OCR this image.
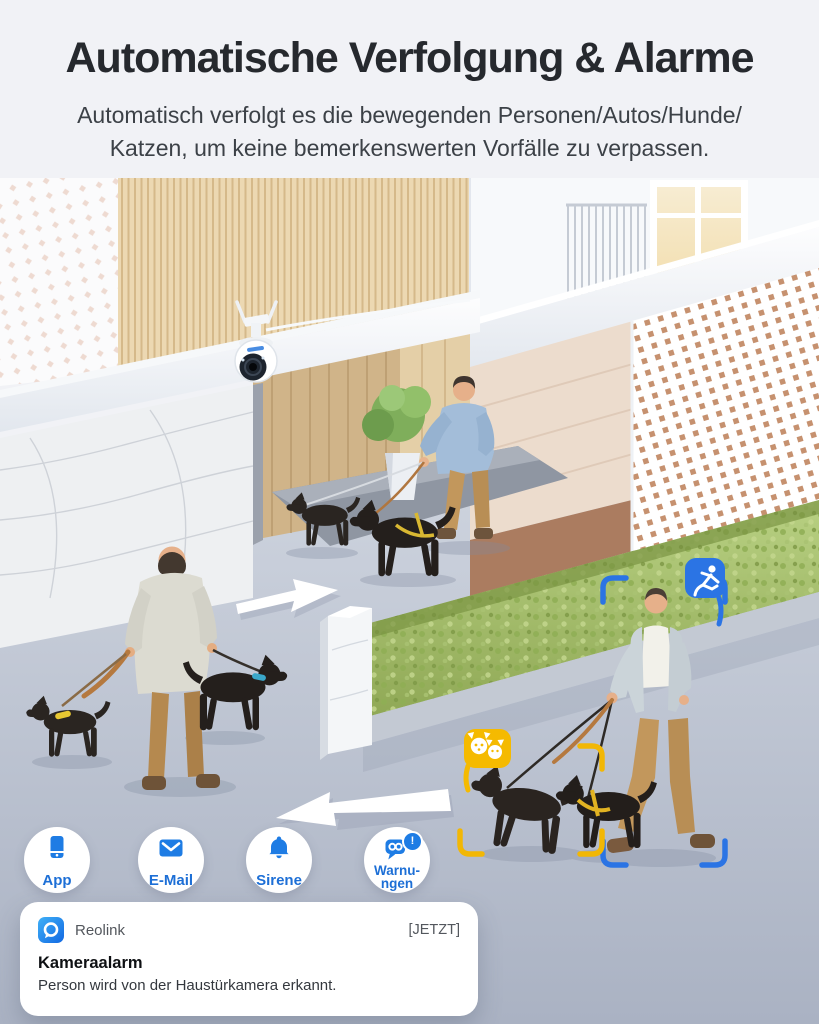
Automatische Verfolgung & Alarme
Automatisch verfolgt es die bewegenden Personen/Autos/Hunde/
Katzen, um keine bemerkenswerten Vorfälle zu verpassen.
App	E-Mail	Sirene
!
Warnu-
ngen
Reolink	[JETZT]
Kameraalarm
Person wird von der Haustürkamera erkannt.
